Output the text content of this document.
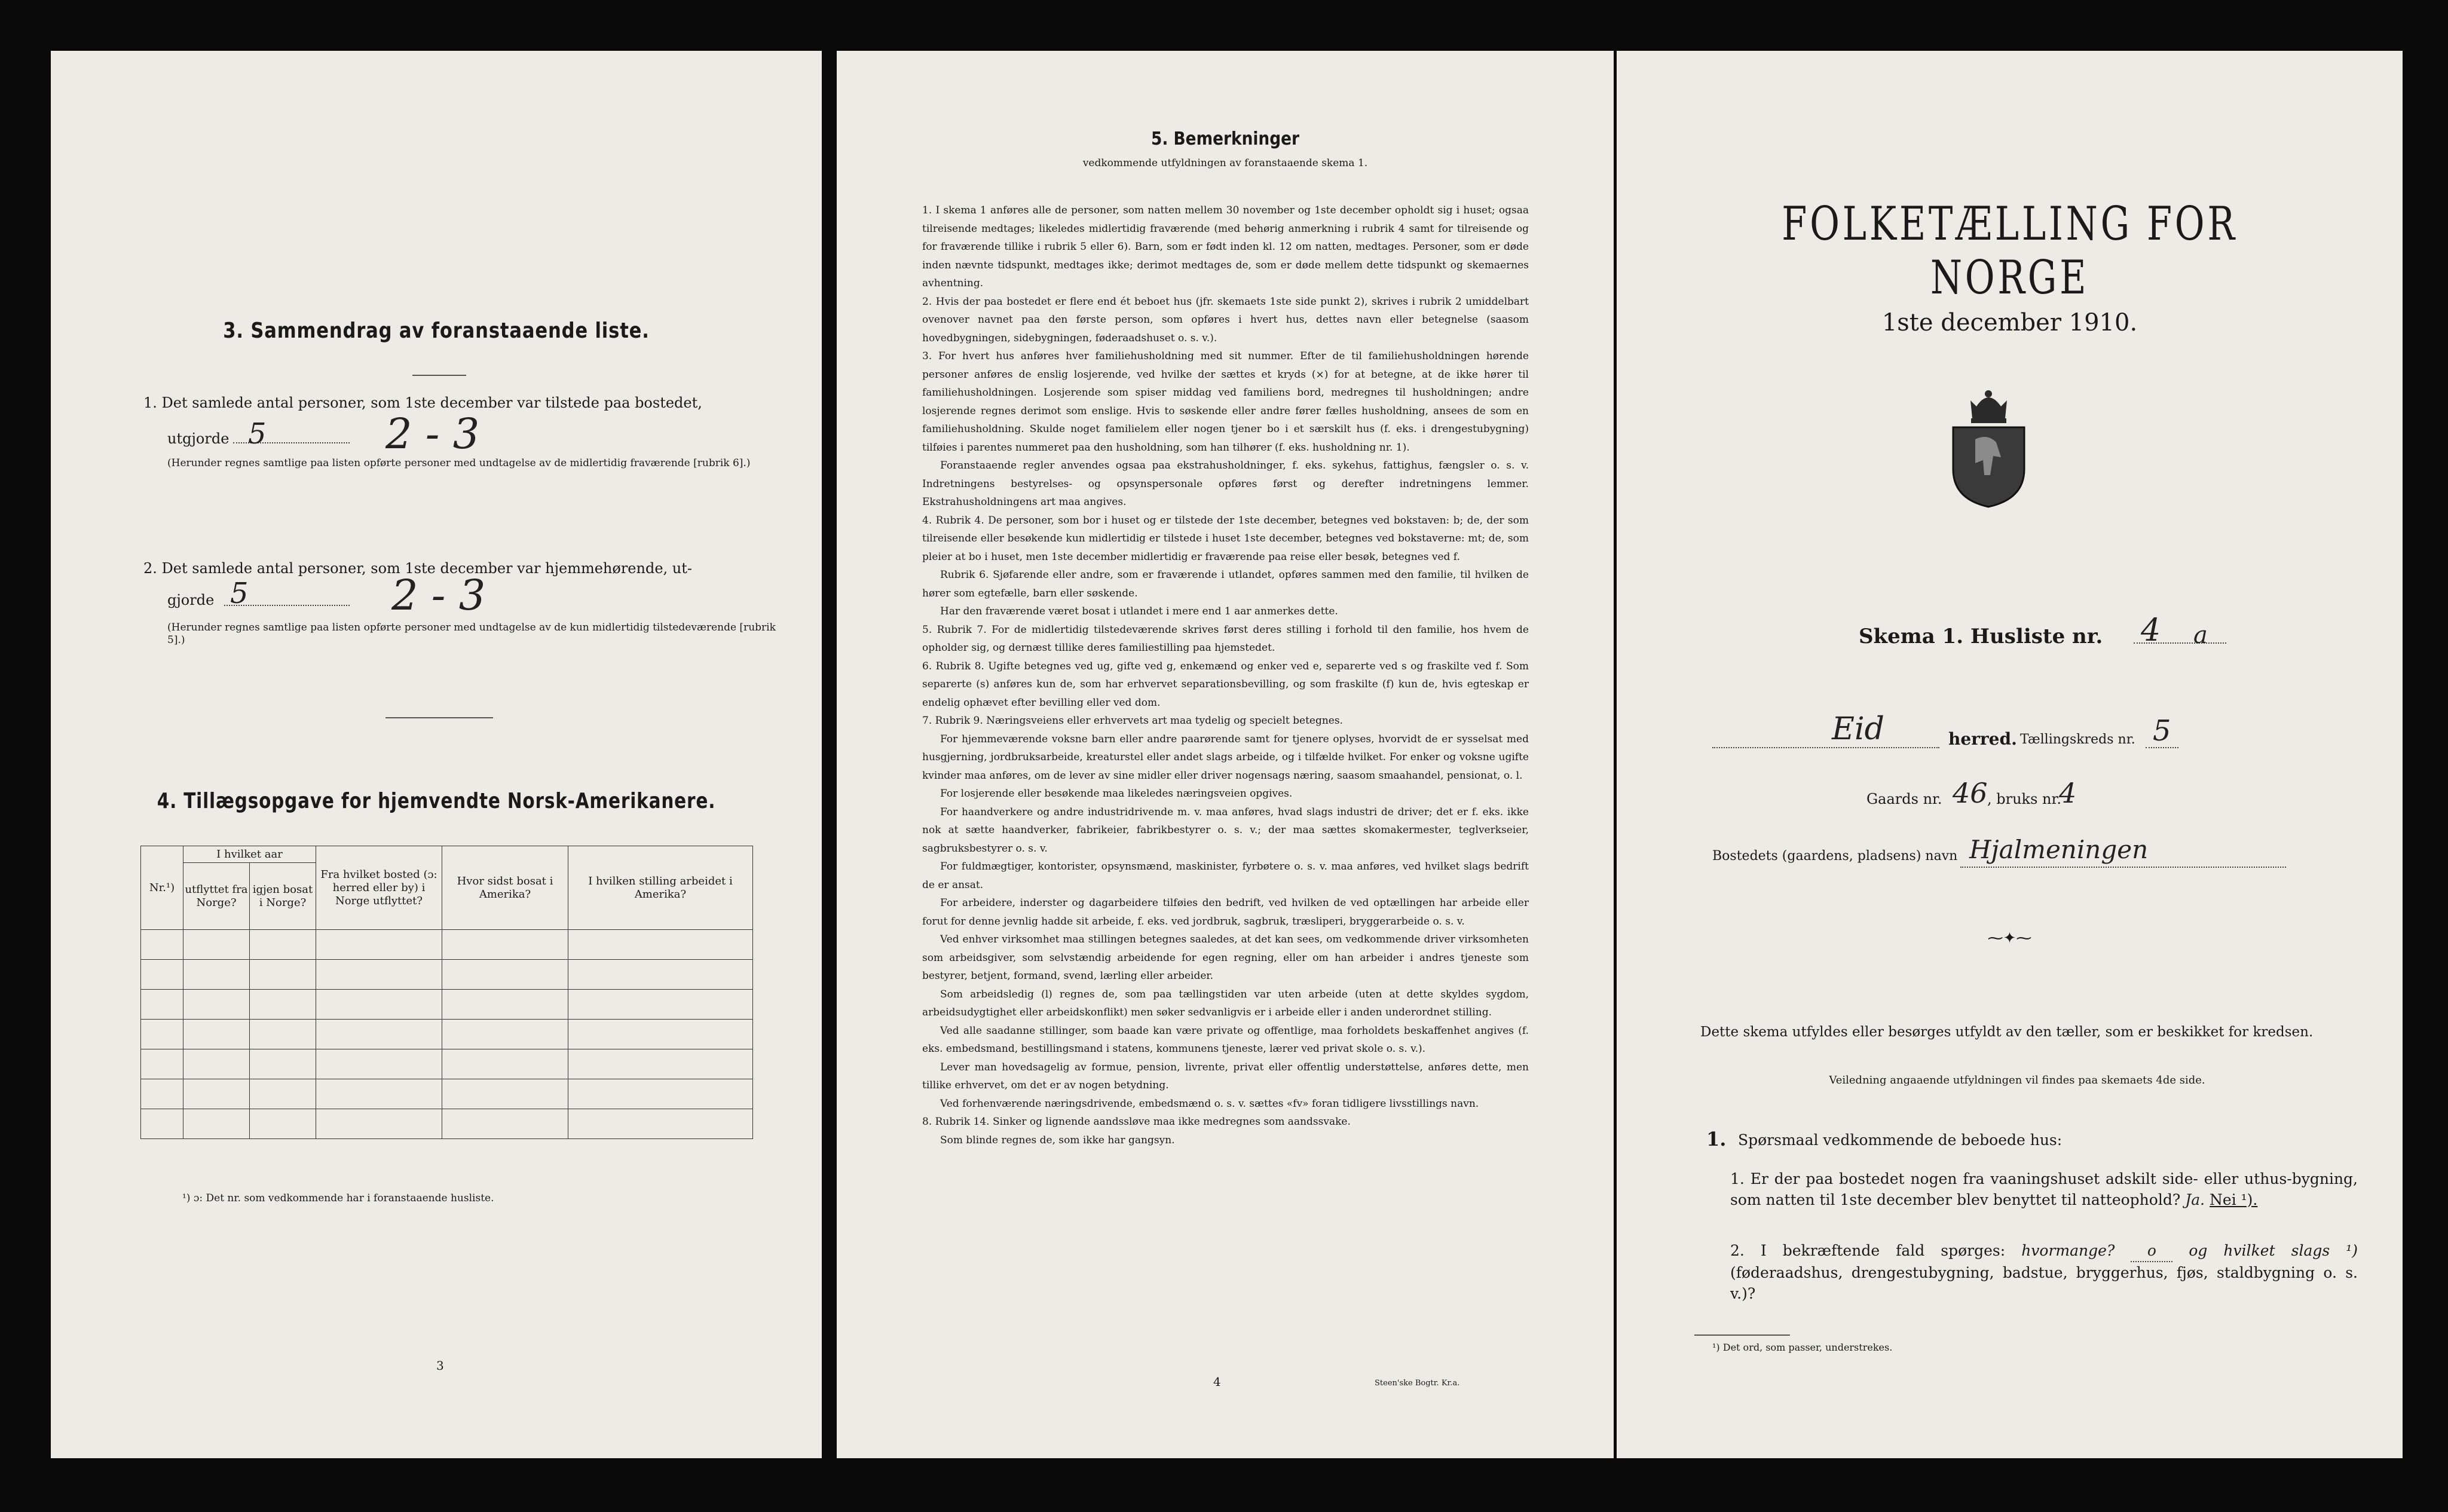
3. Sammendrag av foranstaaende liste.
1. Det samlede antal personer, som 1ste december var tilstede paa bostedet,
utgjorde 5	2 - 3
(Herunder regnes samtlige paa listen opførte personer med undtagelse av de midlertidig fraværende [rubrik 6].)
2. Det samlede antal personer, som 1ste december var hjemmehørende, ut-
gjorde 5	2 - 3
(Herunder regnes samtlige paa listen opførte personer med undtagelse av de kun midlertidig tilstedeværende [rubrik 5].)
4. Tillægsopgave for hjemvendte Norsk-Amerikanere.
Nr.¹)	I hvilket aar		Fra hvilket bosted (ɔ: herred eller by) i Norge utflyttet?	Hvor sidst bosat i Amerika?	I hvilken stilling arbeidet i Amerika?
	utflyttet fra Norge?	igjen bosat i Norge?			

¹) ɔ: Det nr. som vedkommende har i foranstaaende husliste.
3
5. Bemerkninger
vedkommende utfyldningen av foranstaaende skema 1.

1. I skema 1 anføres alle de personer, som natten mellem 30 november og 1ste december opholdt sig i huset; ogsaa tilreisende medtages; likeledes midlertidig fraværende (med behørig anmerkning i rubrik 4 samt for tilreisende og for fraværende tillike i rubrik 5 eller 6). Barn, som er født inden kl. 12 om natten, medtages. Personer, som er døde inden nævnte tidspunkt, medtages ikke; derimot medtages de, som er døde mellem dette tidspunkt og skemaernes avhentning.

2. Hvis der paa bostedet er flere end ét beboet hus (jfr. skemaets 1ste side punkt 2), skrives i rubrik 2 umiddelbart ovenover navnet paa den første person, som opføres i hvert hus, dettes navn eller betegnelse (saasom hovedbygningen, sidebygningen, føderaadshuset o. s. v.).

3. For hvert hus anføres hver familiehusholdning med sit nummer. Efter de til familiehusholdningen hørende personer anføres de enslig losjerende, ved hvilke der sættes et kryds (×) for at betegne, at de ikke hører til familiehusholdningen. Losjerende som spiser middag ved familiens bord, medregnes til husholdningen; andre losjerende regnes derimot som enslige. Hvis to søskende eller andre fører fælles husholdning, ansees de som en familiehusholdning. Skulde noget familielem eller nogen tjener bo i et særskilt hus (f. eks. i drengestubygning) tilføies i parentes nummeret paa den husholdning, som han tilhører (f. eks. husholdning nr. 1).

Foranstaaende regler anvendes ogsaa paa ekstrahusholdninger, f. eks. sykehus, fattighus, fængsler o. s. v. Indretningens bestyrelses- og opsynspersonale opføres først og derefter indretningens lemmer. Ekstrahusholdningens art maa angives.

4. Rubrik 4. De personer, som bor i huset og er tilstede der 1ste december, betegnes ved bokstaven: b; de, der som tilreisende eller besøkende kun midlertidig er tilstede i huset 1ste december, betegnes ved bokstaverne: mt; de, som pleier at bo i huset, men 1ste december midlertidig er fraværende paa reise eller besøk, betegnes ved f.

Rubrik 6. Sjøfarende eller andre, som er fraværende i utlandet, opføres sammen med den familie, til hvilken de hører som egtefælle, barn eller søskende.

Har den fraværende været bosat i utlandet i mere end 1 aar anmerkes dette.

5. Rubrik 7. For de midlertidig tilstedeværende skrives først deres stilling i forhold til den familie, hos hvem de opholder sig, og dernæst tillike deres familiestilling paa hjemstedet.

6. Rubrik 8. Ugifte betegnes ved ug, gifte ved g, enkemænd og enker ved e, separerte ved s og fraskilte ved f. Som separerte (s) anføres kun de, som har erhvervet separationsbevilling, og som fraskilte (f) kun de, hvis egteskap er endelig ophævet efter bevilling eller ved dom.

7. Rubrik 9. Næringsveiens eller erhvervets art maa tydelig og specielt betegnes.

For hjemmeværende voksne barn eller andre paarørende samt for tjenere oplyses, hvorvidt de er sysselsat med husgjerning, jordbruksarbeide, kreaturstel eller andet slags arbeide, og i tilfælde hvilket. For enker og voksne ugifte kvinder maa anføres, om de lever av sine midler eller driver nogensags næring, saasom smaahandel, pensionat, o. l.

For losjerende eller besøkende maa likeledes næringsveien opgives.

For haandverkere og andre industridrivende m. v. maa anføres, hvad slags industri de driver; det er f. eks. ikke nok at sætte haandverker, fabrikeier, fabrikbestyrer o. s. v.; der maa sættes skomakermester, teglverkseier, sagbruksbestyrer o. s. v.

For fuldmægtiger, kontorister, opsynsmænd, maskinister, fyrbøtere o. s. v. maa anføres, ved hvilket slags bedrift de er ansat.

For arbeidere, inderster og dagarbeidere tilføies den bedrift, ved hvilken de ved optællingen har arbeide eller forut for denne jevnlig hadde sit arbeide, f. eks. ved jordbruk, sagbruk, træsliperi, bryggerarbeide o. s. v.

Ved enhver virksomhet maa stillingen betegnes saaledes, at det kan sees, om vedkommende driver virksomheten som arbeidsgiver, som selvstændig arbeidende for egen regning, eller om han arbeider i andres tjeneste som bestyrer, betjent, formand, svend, lærling eller arbeider.

Som arbeidsledig (l) regnes de, som paa tællingstiden var uten arbeide (uten at dette skyldes sygdom, arbeidsudygtighet eller arbeidskonflikt) men søker sedvanligvis er i arbeide eller i anden underordnet stilling.

Ved alle saadanne stillinger, som baade kan være private og offentlige, maa forholdets beskaffenhet angives (f. eks. embedsmand, bestillingsmand i statens, kommunens tjeneste, lærer ved privat skole o. s. v.).

Lever man hovedsagelig av formue, pension, livrente, privat eller offentlig understøttelse, anføres dette, men tillike erhvervet, om det er av nogen betydning.

Ved forhenværende næringsdrivende, embedsmænd o. s. v. sættes «fv» foran tidligere livsstillings navn.

8. Rubrik 14. Sinker og lignende aandssløve maa ikke medregnes som aandssvake.

Som blinde regnes de, som ikke har gangsyn.

4	Steen'ske Bogtr. Kr.a.
FOLKETÆLLING FOR NORGE
1ste december 1910.
Skema 1. Husliste nr. 4 a
Eid	herred. Tællingskreds nr. 5
Gaards nr. 46 , bruks nr.
4
Bostedets (gaardens, pladsens) navn Hjalmeningen
⁓✦⁓
Dette skema utfyldes eller besørges utfyldt av den tæller, som er beskikket for kredsen.
Veiledning angaaende utfyldningen vil findes paa skemaets 4de side.
1. Spørsmaal vedkommende de beboede hus:
1. Er der paa bostedet nogen fra vaaningshuset adskilt side- eller uthus-bygning, som natten til 1ste december blev benyttet til natteophold? Ja. Nei ¹).
2. I bekræftende fald spørges: hvormange? o og hvilket slags ¹) (føderaadshus, drengestubygning, badstue, bryggerhus, fjøs, staldbygning o. s. v.)?
¹) Det ord, som passer, understrekes.
